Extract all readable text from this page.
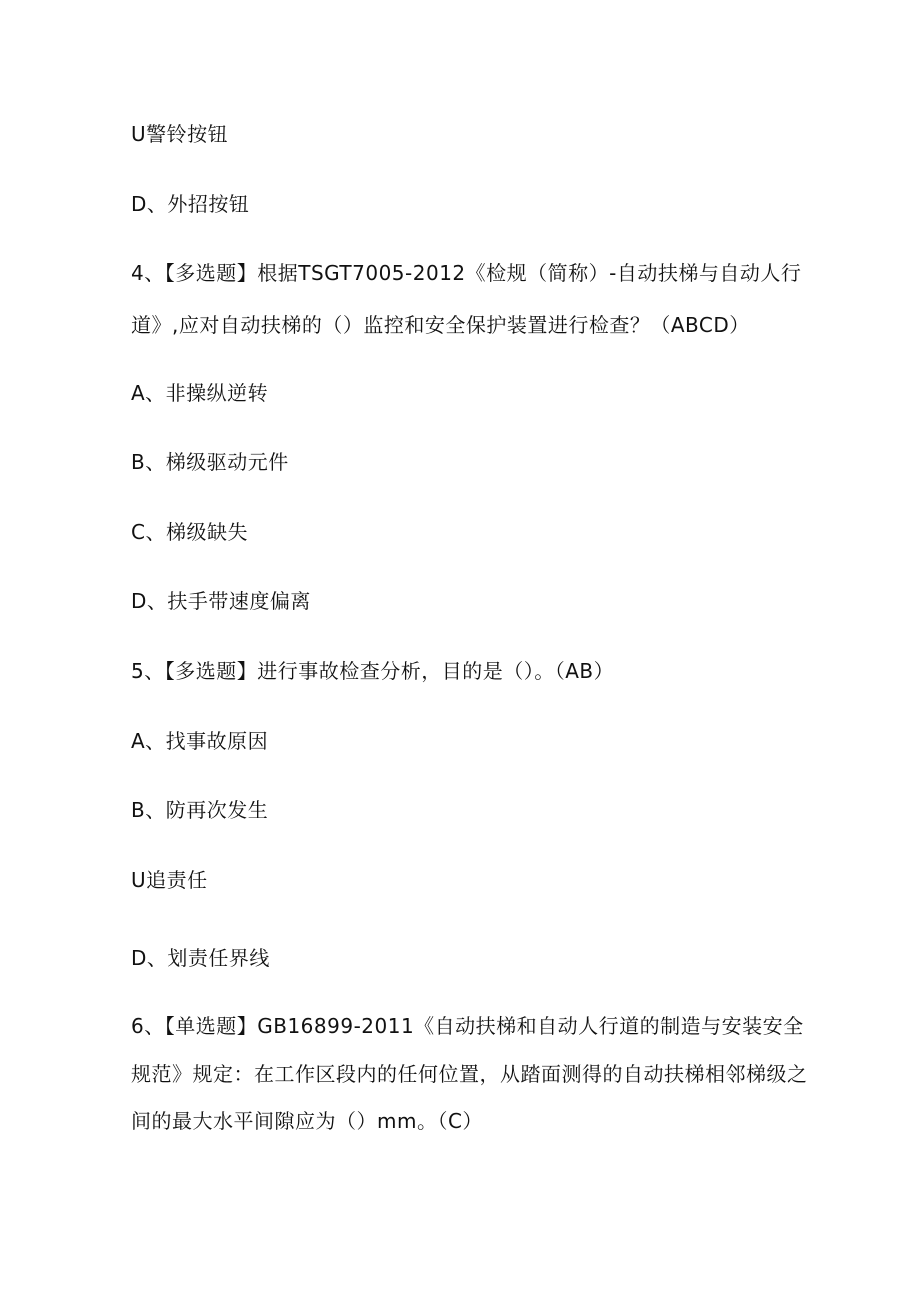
U警铃按钮
D、外招按钮
4、【多选题】根据TSGT7005-2012《检规（简称）-自动扶梯与自动人行
道》,应对自动扶梯的（）监控和安全保护装置进行检查？（ABCD）
A、非操纵逆转
B、梯级驱动元件
C、梯级缺失
D、扶手带速度偏离
5、【多选题】进行事故检查分析，目的是（）。（AB）
A、找事故原因
B、防再次发生
U追责任
D、划责任界线
6、【单选题】GB16899-2011《自动扶梯和自动人行道的制造与安装安全
规范》规定：在工作区段内的任何位置，从踏面测得的自动扶梯相邻梯级之
间的最大水平间隙应为（）mm。（C）
